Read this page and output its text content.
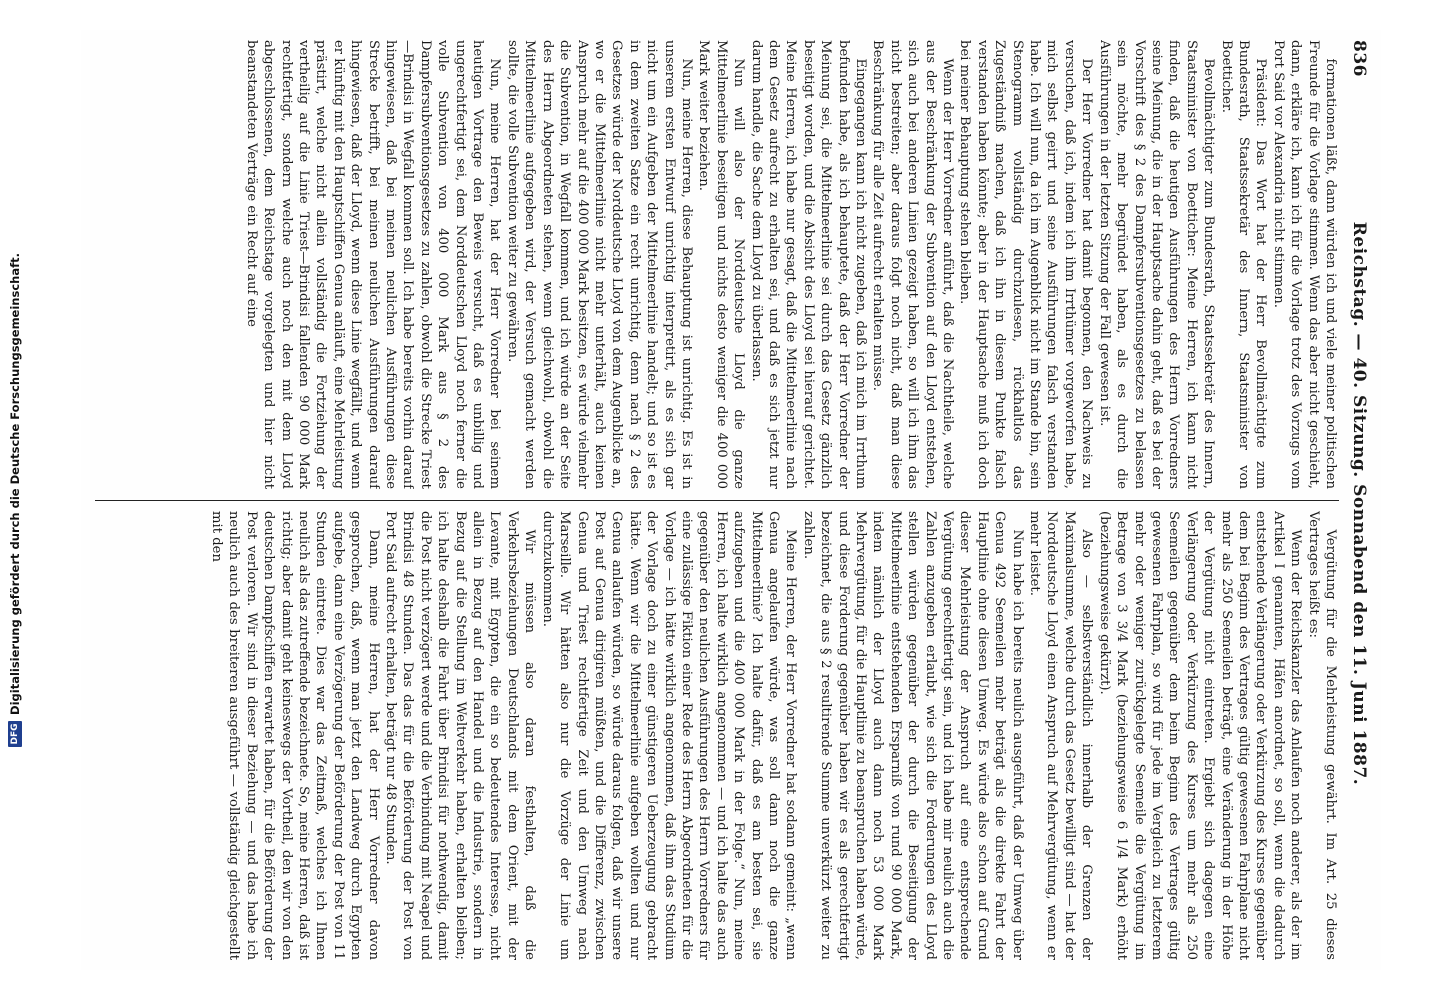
DFG
Digitalisierung gefördert durch die Deutsche Forschungsgemeinschaft.
836
Reichstag. — 40. Sitzung. Sonnabend den 11. Juni 1887.

formationen läßt, dann würden ich und viele meiner politischen Freunde für die Vorlage stimmen. Wenn das aber nicht geschieht, dann, erkläre ich, kann ich für die Vorlage trotz des Vorzugs vom Port Said vor Alexandria nicht stimmen.

Präsident: Das Wort hat der Herr Bevollmächtigte zum Bundesrath, Staatssekretär des Innern, Staatsminister von Boetticher.

Bevollmächtigter zum Bundesrath, Staatssekretär des Innern, Staatsminister von Boetticher: Meine Herren, ich kann nicht finden, daß die heutigen Ausführungen des Herrn Vorredners seine Meinung, die in der Hauptsache dahin geht, daß es bei der Vorschrift des § 2 des Dampfersubventionsgesetzes zu belassen sein möchte, mehr begründet haben, als es durch die Ausführungen in der letzten Sitzung der Fall gewesen ist.

Der Herr Vorredner hat damit begonnen, den Nachweis zu versuchen, daß ich, indem ich ihm Irrthümer vorgeworfen habe, mich selbst geirrt und seine Ausführungen falsch verstanden habe. Ich will nun, da ich im Augenblick nicht im Stande bin, sein Stenogramm vollständig durchzulesen, rückhaltlos das Zugeständniß machen, daß ich ihn in diesem Punkte falsch verstanden haben könnte; aber in der Hauptsache muß ich doch bei meiner Behauptung stehen bleiben.

Wenn der Herr Vorredner anführt, daß die Nachtheile, welche aus der Beschränkung der Subvention auf den Lloyd entstehen, sich auch bei anderen Linien gezeigt haben, so will ich ihm das nicht bestreiten; aber daraus folgt noch nicht, daß man diese Beschränkung für alle Zeit aufrecht erhalten müsse.

Eingegangen kann ich nicht zugeben, daß ich mich im Irrthum befunden habe, als ich behauptete, daß der Herr Vorredner der Meinung sei, die Mittelmeerlinie sei durch das Gesetz gänzlich beseitigt worden, und die Absicht des Lloyd sei hierauf gerichtet. Meine Herren, ich habe nur gesagt, daß die Mittelmeerlinie nach dem Gesetz aufrecht zu erhalten sei, und daß es sich jetzt nur darum handle, die Sache dem Lloyd zu überlassen.

Nun will also der Norddeutsche Lloyd die ganze Mittelmeerlinie beseitigen und nichts desto weniger die 400 000 Mark weiter beziehen.

Nun, meine Herren, diese Behauptung ist unrichtig. Es ist in unserem ersten Entwurf unrichtig interpretirt, als es sich gar nicht um ein Aufgeben der Mittelmeerlinie handelt; und so ist es in dem zweiten Satze ein recht unrichtig, denn nach § 2 des Gesetzes würde der Norddeutsche Lloyd von dem Augenblicke an, wo er die Mittelmeerlinie nicht mehr unterhält, auch keinen Anspruch mehr auf die 400 000 Mark besitzen, es würde vielmehr die Subvention, in Wegfall kommen, und ich würde an der Seite des Herrn Abgeordneten stehen, wenn gleichwohl, obwohl die Mittelmeerlinie aufgegeben wird, der Versuch gemacht werden sollte, die volle Subvention weiter zu gewähren.

Nun, meine Herren, hat der Herr Vorredner bei seinem heutigen Vortrage den Beweis versucht, daß es unbillig und ungerechtfertigt sei, dem Norddeutschen Lloyd noch ferner die volle Subvention von 400 000 Mark aus § 2 des Dampfersubventionsgesetzes zu zahlen, obwohl die Strecke Triest—Brindisi in Wegfall kommen soll. Ich habe bereits vorhin darauf hingewiesen, daß bei meinen neulichen Ausführungen diese Strecke betrifft, bei meinen neulichen Ausführungen darauf hingewiesen, daß der Lloyd, wenn diese Linie wegfällt, und wenn er künftig mit den Hauptschiffen Genua anläuft, eine Mehrleistung prästirt, welche nicht allein vollständig die Fortziehung der vertheilig auf die Linie Triest—Brindisi fallenden 90 000 Mark rechtfertigt, sondern welche auch noch den mit dem Lloyd abgeschlossenen, dem Reichstage vorgelegten und hier nicht beanstandeten Verträge ein Recht auf eine

Vergütung für die Mehrleistung gewährt. Im Art. 25 dieses Vertrages heißt es:

Wenn der Reichskanzler das Anlaufen noch anderer, als der im Artikel I genannten, Häfen anordnet, so soll, wenn die dadurch entstehende Verlängerung oder Verkürzung des Kurses gegenüber dem bei Beginn des Vertrages gültig gewesenen Fahrplane nicht mehr als 250 Seemeilen beträgt, eine Veränderung in der Höhe der Vergütung nicht eintreten. Ergiebt sich dagegen eine Verlängerung oder Verkürzung des Kurses um mehr als 250 Seemeilen gegenüber dem beim Beginn des Vertrages gültig gewesenen Fahrplan, so wird für jede im Vergleich zu letzterem mehr oder weniger zurückgelegte Seemeile die Vergütung im Betrage von 3 3/4 Mark (beziehungsweise 6 1/4 Mark) erhöht (beziehungsweise gekürzt).

Also — selbstverständlich innerhalb der Grenzen der Maximalsumme, welche durch das Gesetz bewilligt sind — hat der Norddeutsche Lloyd einen Anspruch auf Mehrvergütung, wenn er mehr leistet.

Nun habe ich bereits neulich ausgeführt, daß der Umweg über Genua 492 Seemeilen mehr beträgt als die direkte Fahrt der Hauptlinie ohne diesen Umweg. Es würde also schon auf Grund dieser Mehrleistung der Anspruch auf eine entsprechende Vergütung gerechtfertigt sein, und ich habe mir neulich auch die Zahlen anzugeben erlaubt, wie sich die Forderungen des Lloyd stellen würden gegenüber der durch die Beseitigung der Mittelmeerlinie entstehenden Ersparniß von rund 90 000 Mark, indem nämlich der Lloyd auch dann noch 53 000 Mark Mehrvergütung, für die Hauptlinie zu beanspruchen haben würde, und diese Forderung gegenüber haben wir es als gerechtfertigt bezeichnet, die aus § 2 resultirende Summe unverkürzt weiter zu zahlen.

Meine Herren, der Herr Vorredner hat sodann gemeint: „wenn Genua angelaufen würde, was soll dann noch die ganze Mittelmeerlinie? Ich halte dafür, daß es am besten sei, sie aufzugeben und die 400 000 Mark in der Folge.“ Nun, meine Herren, ich halte wirklich angenommen — und ich halte das auch gegenüber den neulichen Ausführungen des Herrn Vorredners für eine zulässige Fiktion einer Rede des Herrn Abgeordneten für die Vorlage — ich hätte wirklich angenommen, daß ihm das Studium der Vorlage doch zu einer günstigeren Ueberzeugung gebracht hätte. Wenn wir die Mittelmeerlinie aufgeben wollten und nur Genua anlaufen würden, so würde daraus folgen, daß wir unsere Post auf Genua dirigiren müßten, und die Differenz, zwischen Genua und Triest rechtfertige Zeit und den Umweg nach Marseille. Wir hätten also nur die Vorzüge der Linie um durchzukommen.

Wir müssen also daran festhalten, daß die Verkehrsbeziehungen Deutschlands mit dem Orient, mit der Levante, mit Egypten, die ein so bedeutendes Interesse, nicht allein in Bezug auf den Handel und die Industrie, sondern in Bezug auf die Stellung im Weltverkehr haben, erhalten bleiben; ich halte deshalb die Fahrt über Brindisi für nothwendig, damit die Post nicht verzögert werde und die Verbindung mit Neapel und Brindisi 48 Stunden. Das das für die Beförderung der Post von Port Said aufrecht erhalten, beträgt nur 48 Stunden.

Dann, meine Herren, hat der Herr Vorredner davon gesprochen, daß, wenn man jetzt den Landweg durch Egypten aufgebe, dann eine Verzögerung der Beförderung der Post von 11 Stunden eintrete. Dies war das Zeitmaß, welches ich Ihnen neulich als das zutreffende bezeichnete. So, meine Herren, daß ist richtig; aber damit geht keineswegs der Vortheil, den wir von den deutschen Dampfschiffen erwartet haben, für die Beförderung der Post verloren. Wir sind in dieser Beziehung — und das habe ich neulich auch des breiteren ausgeführt — vollständig gleichgestellt mit den
